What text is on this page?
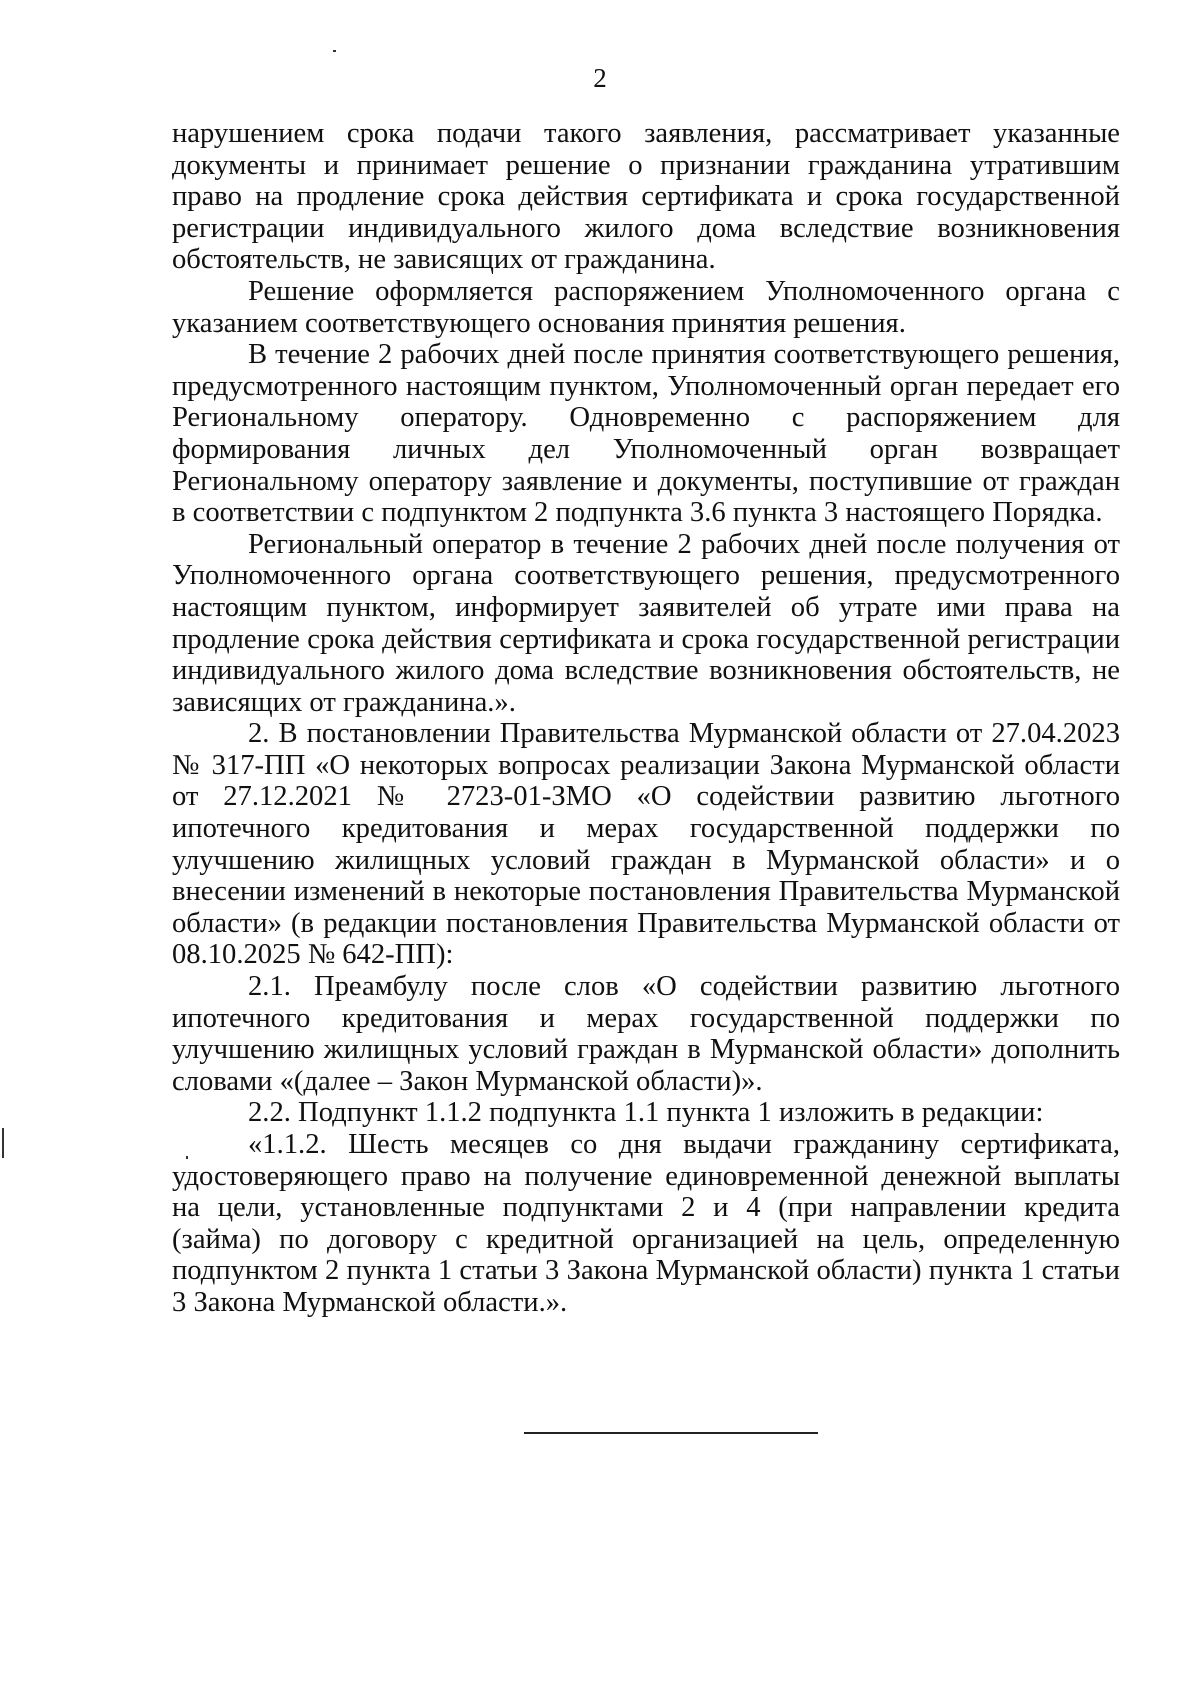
2

нарушением срока подачи такого заявления, рассматривает указанные документы и принимает решение о признании гражданина утратившим право на продление срока действия сертификата и срока государственной регистрации индивидуального жилого дома вследствие возникновения обстоятельств, не зависящих от гражданина.

Решение оформляется распоряжением Уполномоченного органа с указанием соответствующего основания принятия решения.

В течение 2 рабочих дней после принятия соответствующего решения, предусмотренного настоящим пунктом, Уполномоченный орган передает его Региональному оператору. Одновременно с распоряжением для формирования личных дел Уполномоченный орган возвращает Региональному оператору заявление и документы, поступившие от граждан в соответствии с подпунктом 2 подпункта 3.6 пункта 3 настоящего Порядка.

Региональный оператор в течение 2 рабочих дней после получения от Уполномоченного органа соответствующего решения, предусмотренного настоящим пунктом, информирует заявителей об утрате ими права на продление срока действия сертификата и срока государственной регистрации индивидуального жилого дома вследствие возникновения обстоятельств, не зависящих от гражданина.».

2. В постановлении Правительства Мурманской области от 27.04.2023 № 317-ПП «О некоторых вопросах реализации Закона Мурманской области от 27.12.2021 № 2723-01-ЗМО «О содействии развитию льготного ипотечного кредитования и мерах государственной поддержки по улучшению жилищных условий граждан в Мурманской области» и о внесении изменений в некоторые постановления Правительства Мурманской области» (в редакции постановления Правительства Мурманской области от 08.10.2025 № 642-ПП):

2.1. Преамбулу после слов «О содействии развитию льготного ипотечного кредитования и мерах государственной поддержки по улучшению жилищных условий граждан в Мурманской области» дополнить словами «(далее – Закон Мурманской области)».

2.2. Подпункт 1.1.2 подпункта 1.1 пункта 1 изложить в редакции:

«1.1.2. Шесть месяцев со дня выдачи гражданину сертификата, удостоверяющего право на получение единовременной денежной выплаты на цели, установленные подпунктами 2 и 4 (при направлении кредита (займа) по договору с кредитной организацией на цель, определенную подпунктом 2 пункта 1 статьи 3 Закона Мурманской области) пункта 1 статьи 3 Закона Мурманской области.».
